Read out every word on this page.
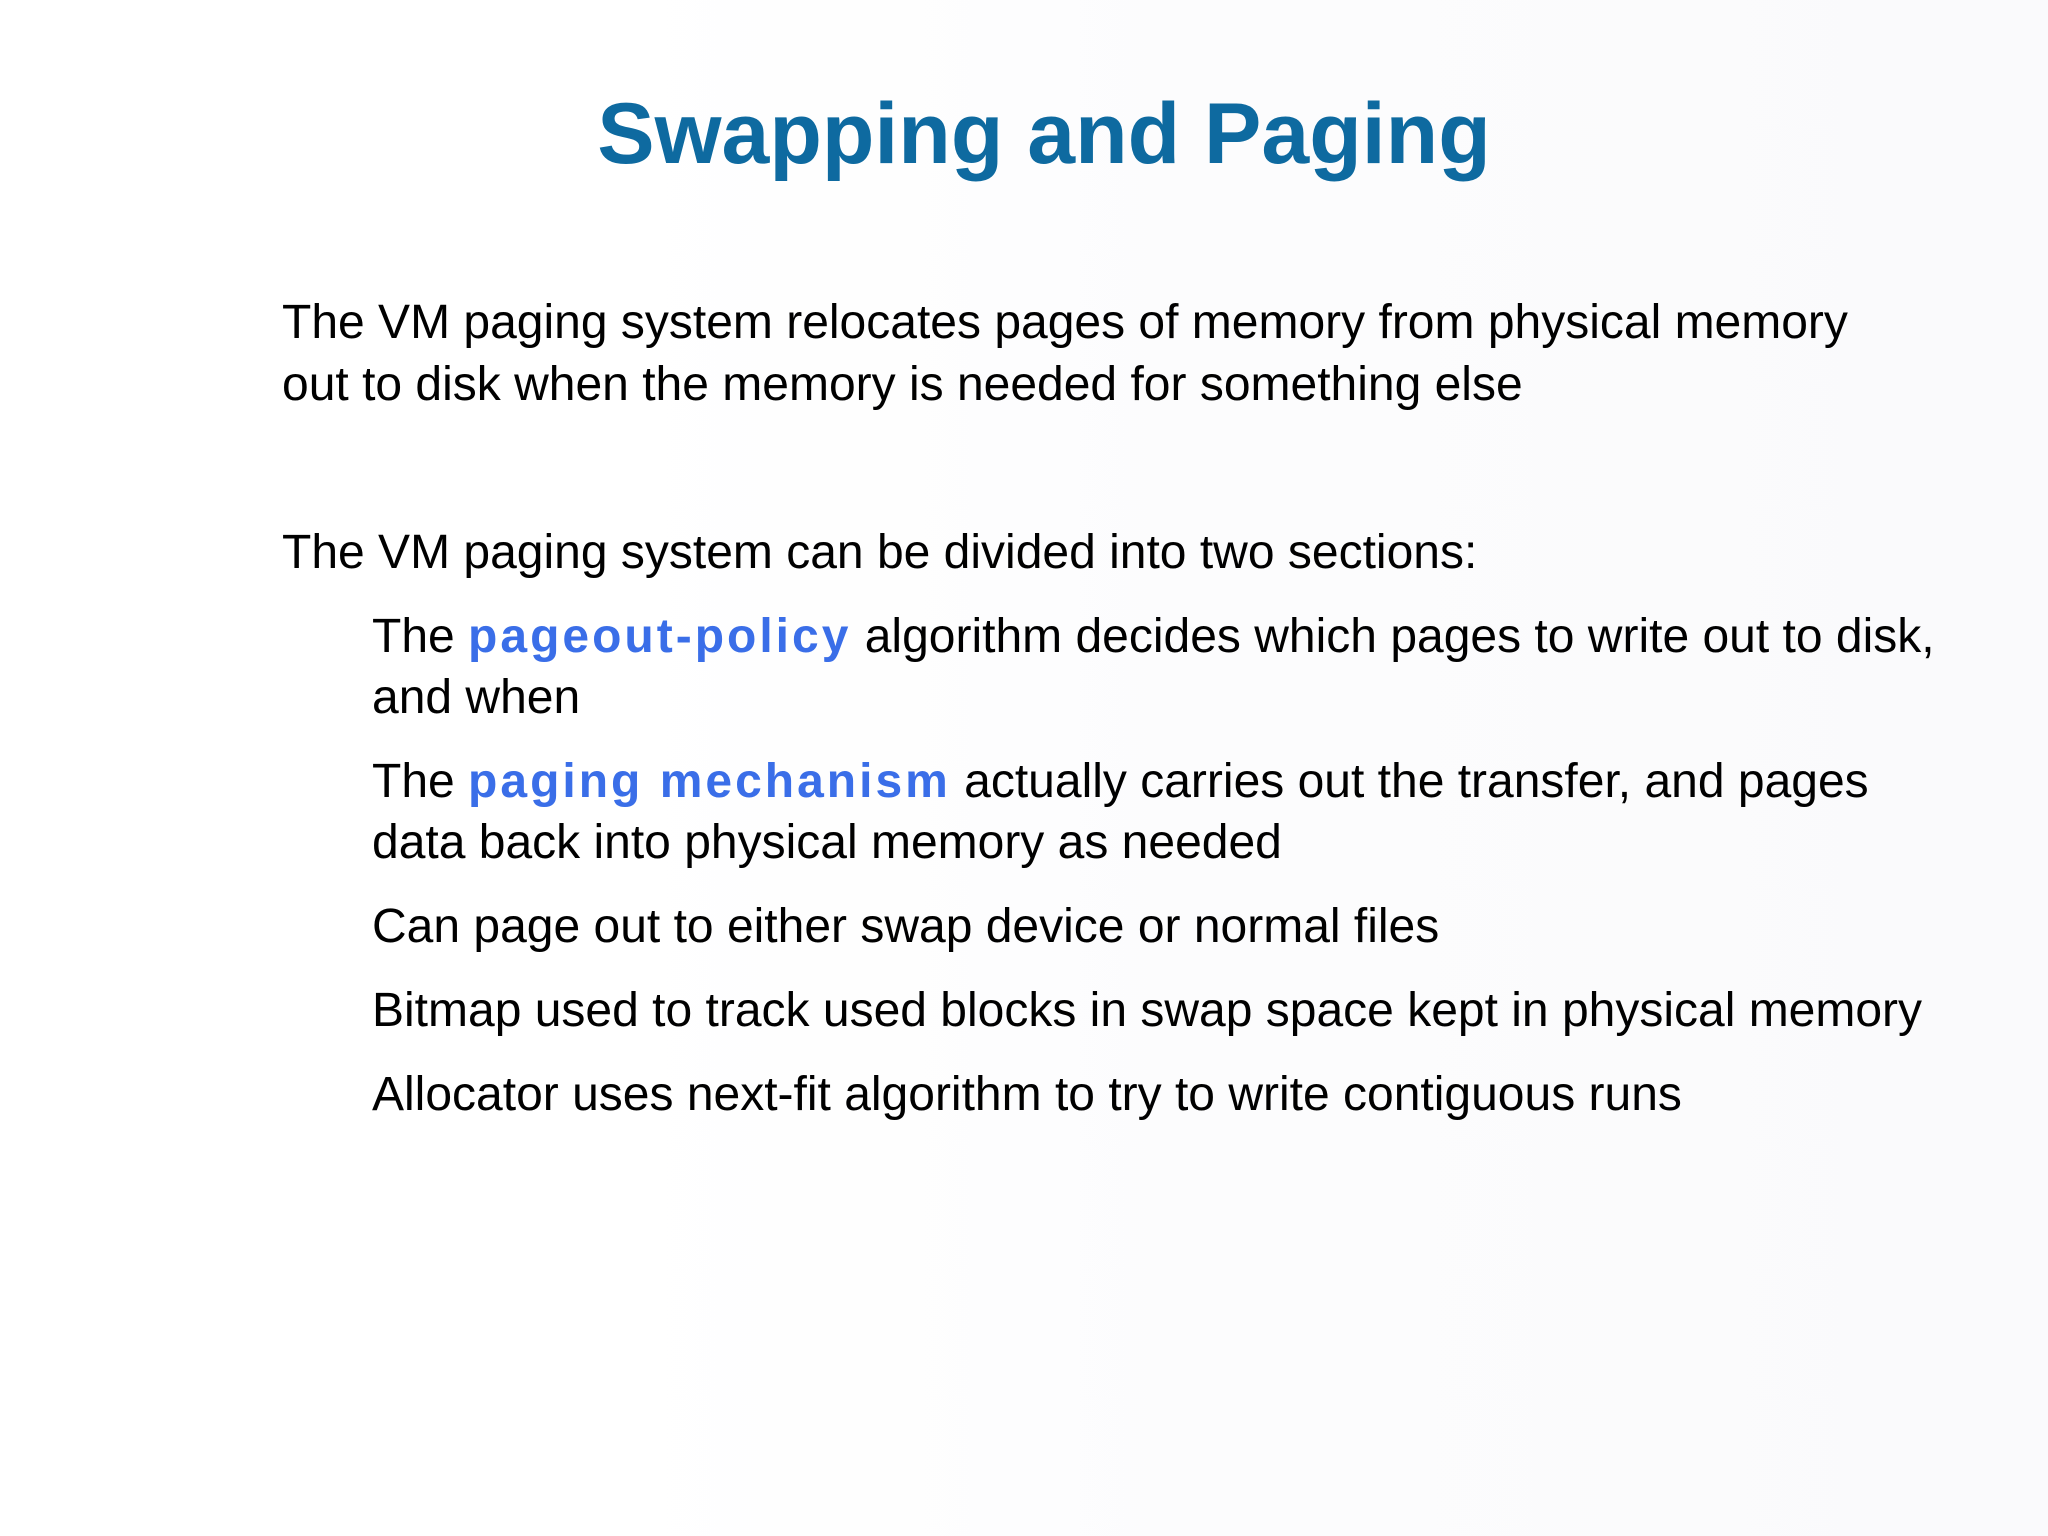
Swapping and Paging

The VM paging system relocates pages of memory from physical memory out to disk when the memory is needed for something else

The VM paging system can be divided into two sections:

The pageout-policy algorithm decides which pages to write out to disk, and when
The paging mechanism actually carries out the transfer, and pages data back into physical memory as needed
Can page out to either swap device or normal files
Bitmap used to track used blocks in swap space kept in physical memory
Allocator uses next-fit algorithm to try to write contiguous runs
